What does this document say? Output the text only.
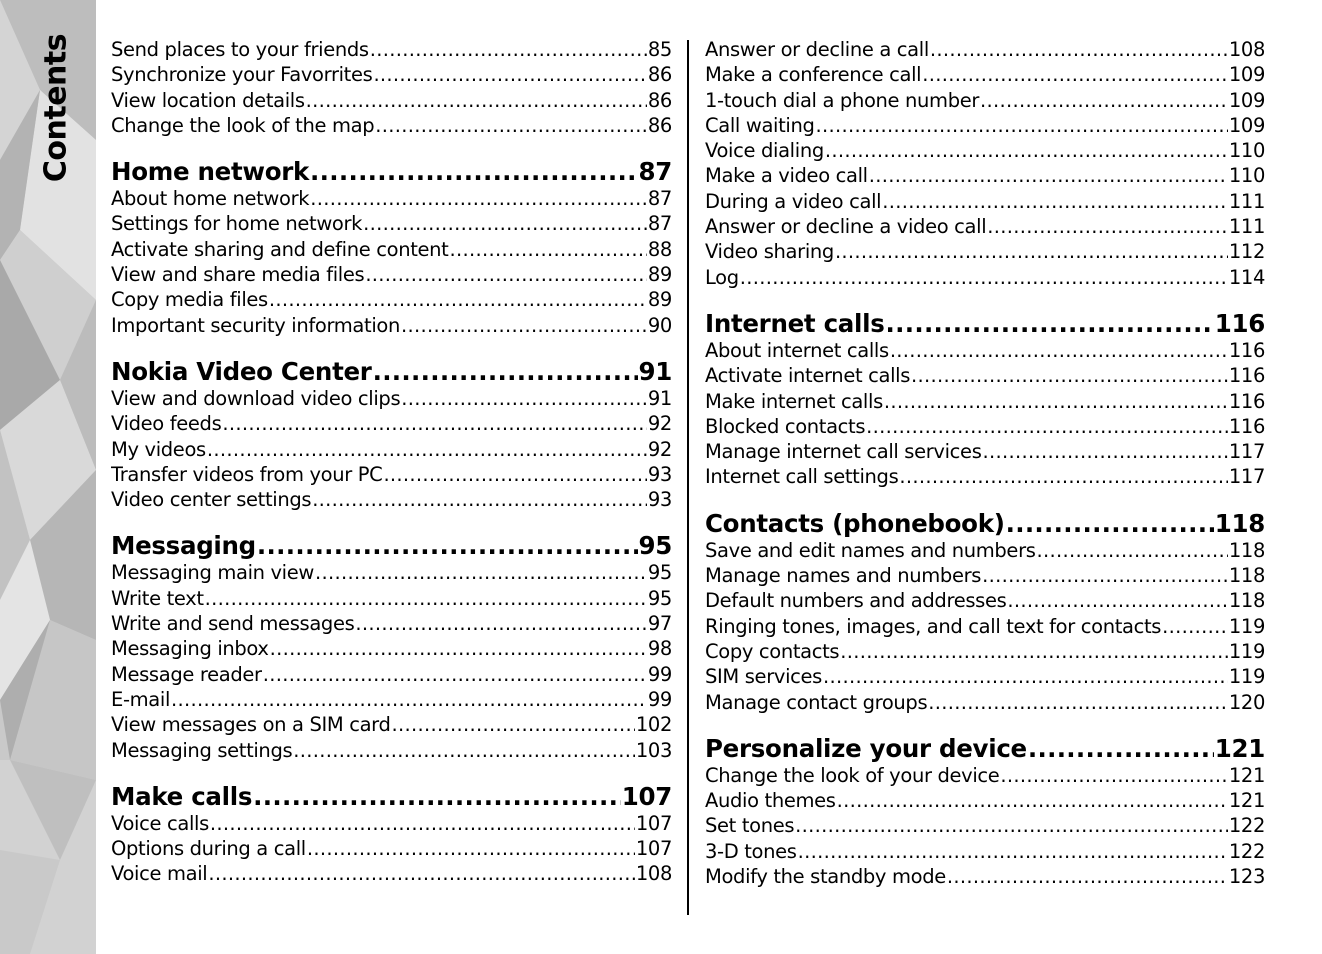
Contents Send places to your friends .....	85
Synchronize your Favorrites .....	86
View location details .....	86
Change the look of the map .....	86
Home network .....	87
About home network .....	87
Settings for home network .....	87
Activate sharing and define content .....	88
View and share media files .....	89
Copy media files .....	89
Important security information .....	90
Nokia Video Center .....	91
View and download video clips .....	91
Video feeds .....	92
My videos .....	92
Transfer videos from your PC .....	93
Video center settings .....	93
Messaging .....	95
Messaging main view .....	95
Write text .....	95
Write and send messages .....	97
Messaging inbox .....	98
Message reader .....	99
E-mail .....	99
View messages on a SIM card .....	102
Messaging settings .....	103
Make calls .....	107
Voice calls .....	107
Options during a call .....	107
Voice mail .....	108
Answer or decline a call .....	108
Make a conference call .....	109
1-touch dial a phone number .....	109
Call waiting .....	109
Voice dialing .....	110
Make a video call .....	110
During a video call .....	111
Answer or decline a video call .....	111
Video sharing .....	112
Log .....	114
Internet calls .....	116
About internet calls .....	116
Activate internet calls .....	116
Make internet calls .....	116
Blocked contacts .....	116
Manage internet call services .....	117
Internet call settings .....	117
Contacts (phonebook) .....	118
Save and edit names and numbers .....	118
Manage names and numbers .....	118
Default numbers and addresses .....	118
Ringing tones, images, and call text for contacts .....	119
Copy contacts .....	119
SIM services .....	119
Manage contact groups .....	120
Personalize your device .....	121
Change the look of your device .....	121
Audio themes .....	121
Set tones .....	122
3-D tones .....	122
Modify the standby mode .....	123
